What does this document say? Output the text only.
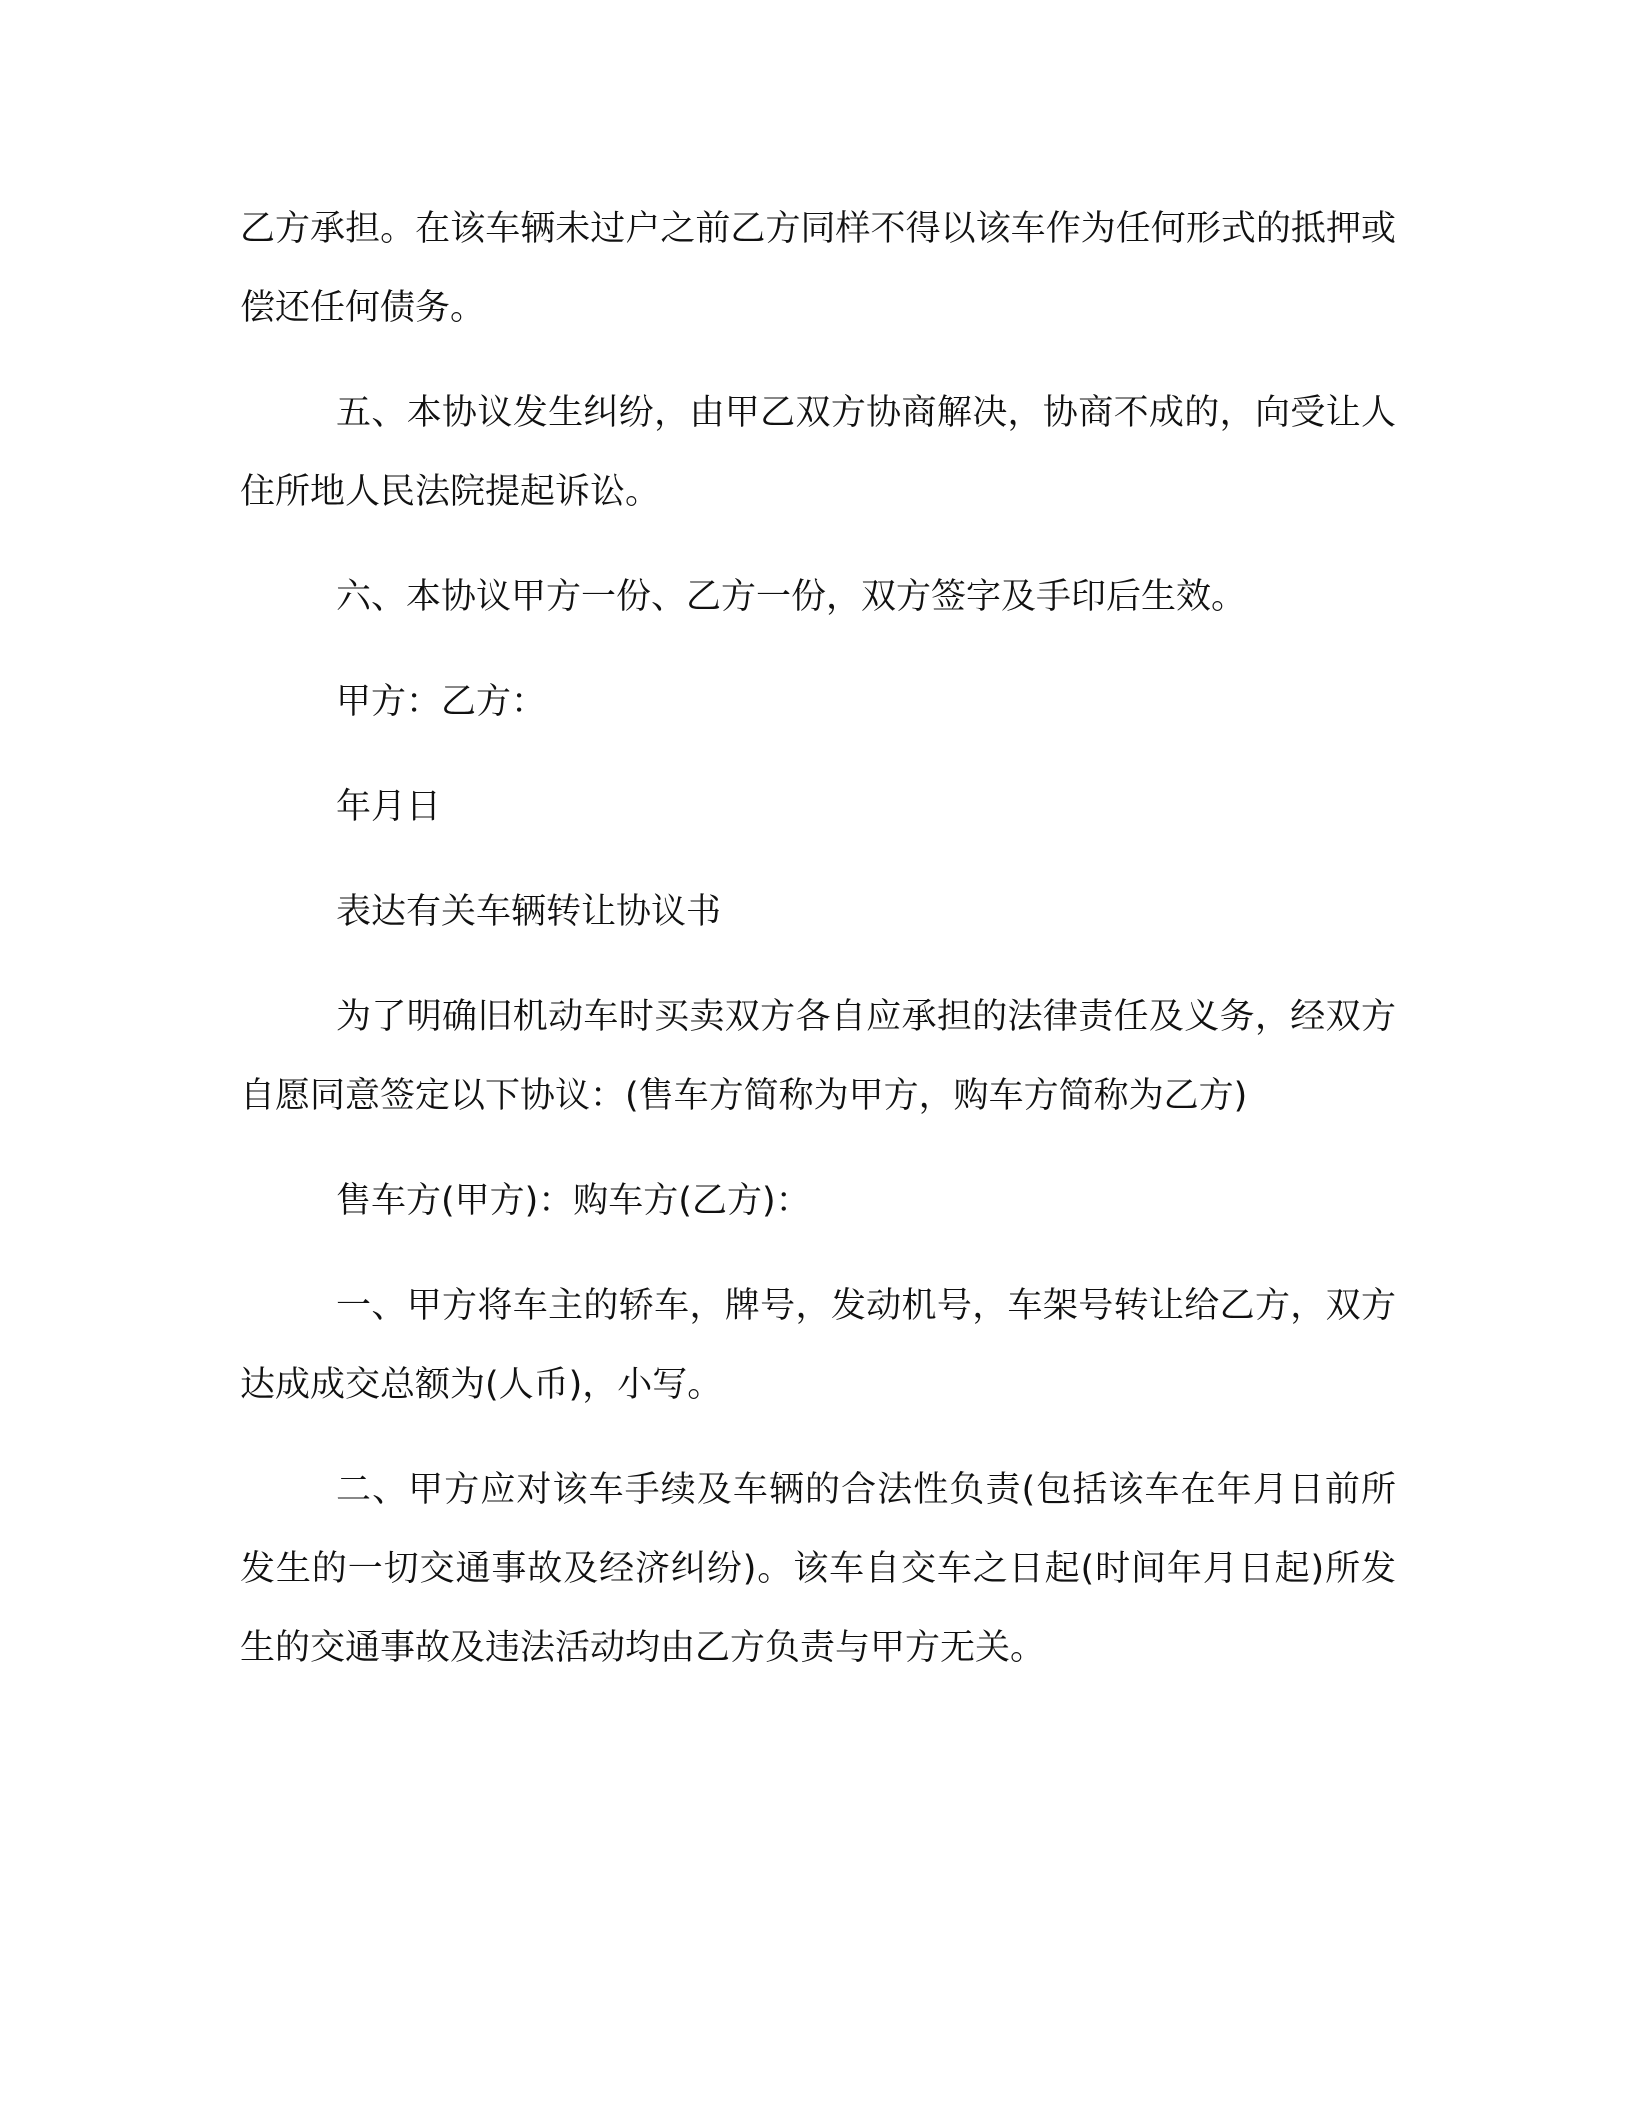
乙方承担。在该车辆未过户之前乙方同样不得以该车作为任何形式的抵押或偿还任何债务。

五、本协议发生纠纷，由甲乙双方协商解决，协商不成的，向受让人住所地人民法院提起诉讼。

六、本协议甲方一份、乙方一份，双方签字及手印后生效。

甲方：乙方：

年月日

表达有关车辆转让协议书

为了明确旧机动车时买卖双方各自应承担的法律责任及义务，经双方自愿同意签定以下协议：(售车方简称为甲方，购车方简称为乙方)

售车方(甲方)：购车方(乙方)：

一、甲方将车主的轿车，牌号，发动机号，车架号转让给乙方，双方达成成交总额为(人币)，小写。

二、甲方应对该车手续及车辆的合法性负责(包括该车在年月日前所发生的一切交通事故及经济纠纷)。该车自交车之日起(时间年月日起)所发生的交通事故及违法活动均由乙方负责与甲方无关。
